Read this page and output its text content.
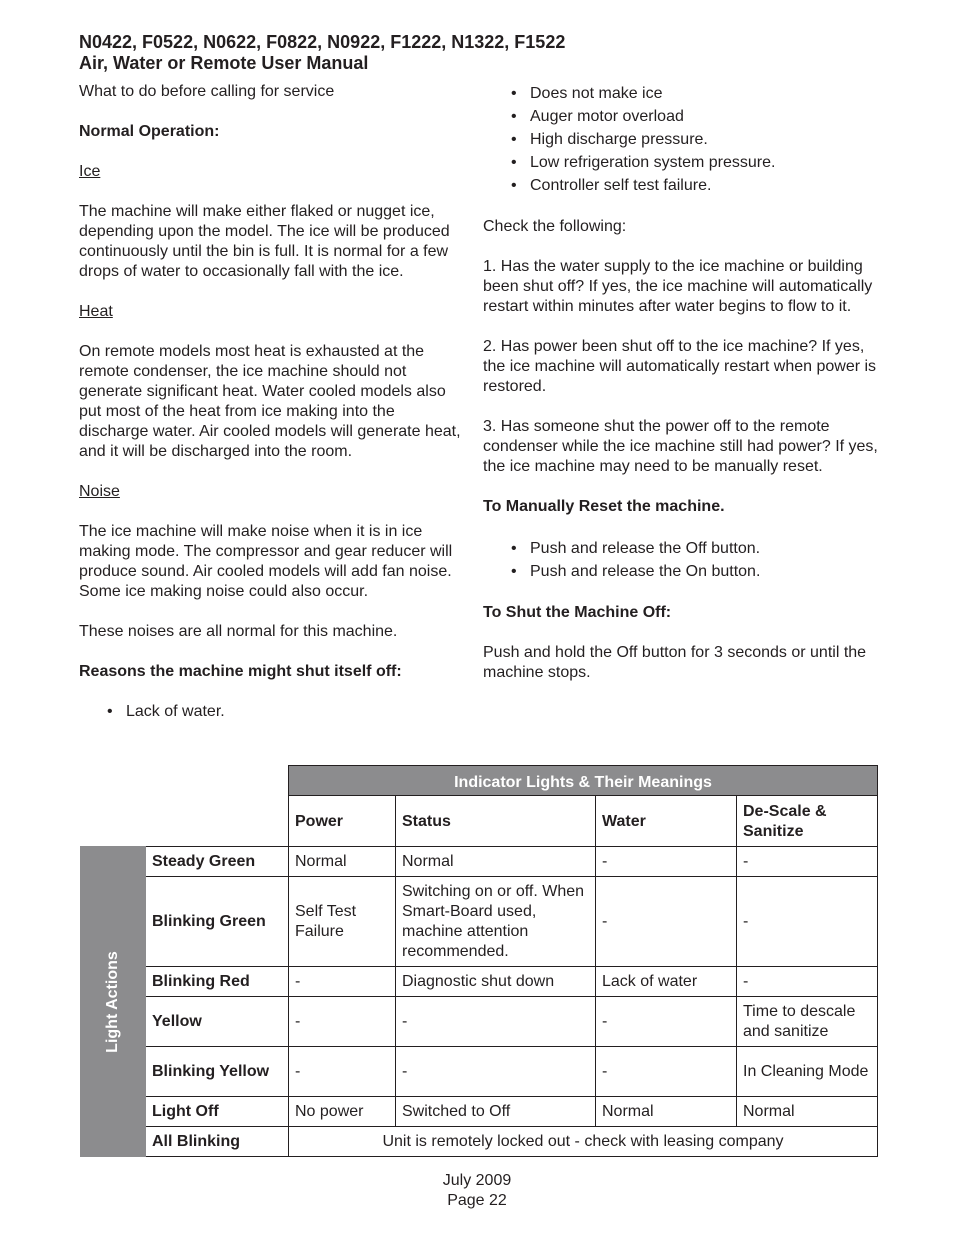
N0422, F0522, N0622, F0822, N0922, F1222, N1322, F1522
Air, Water or Remote User Manual

What to do before calling for service

Normal Operation:

Ice

The machine will make either flaked or nugget ice, depending upon the model. The ice will be produced continuously until the bin is full. It is normal for a few drops of water to occasionally fall with the ice.

Heat

On remote models most heat is exhausted at the remote condenser, the ice machine should not generate significant heat. Water cooled models also put most of the heat from ice making into the discharge water. Air cooled models will generate heat, and it will be discharged into the room.

Noise

The ice machine will make noise when it is in ice making mode. The compressor and gear reducer will produce sound. Air cooled models will add fan noise. Some ice making noise could also occur.

These noises are all normal for this machine.

Reasons the machine might shut itself off:

• Lack of water.
• Does not make ice
• Auger motor overload
• High discharge pressure.
• Low refrigeration system pressure.
• Controller self test failure.

Check the following:

1. Has the water supply to the ice machine or building been shut off? If yes, the ice machine will automatically restart within minutes after water begins to flow to it.

2. Has power been shut off to the ice machine? If yes, the ice machine will automatically restart when power is restored.

3. Has someone shut the power off to the remote condenser while the ice machine still had power? If yes, the ice machine may need to be manually reset.

To Manually Reset the machine.

• Push and release the Off button.
• Push and release the On button.

To Shut the Machine Off:

Push and hold the Off button for 3 seconds or until the machine stops.

		Indicator Lights & Their Meanings			
		Power	Status	Water	De-Scale & Sanitize

Light Actions	Steady Green	Normal	Normal	-	-
	Blinking Green	Self Test Failure	Switching on or off. When Smart-Board used, machine attention recommended.	-	-
	Blinking Red	-	Diagnostic shut down	Lack of water	-
	Yellow	-	-	-	Time to descale and sanitize
	Blinking Yellow	-	-	-	In Cleaning Mode
	Light Off	No power	Switched to Off	Normal	Normal
	All Blinking	Unit is remotely locked out - check with leasing company			
July 2009
Page 22
